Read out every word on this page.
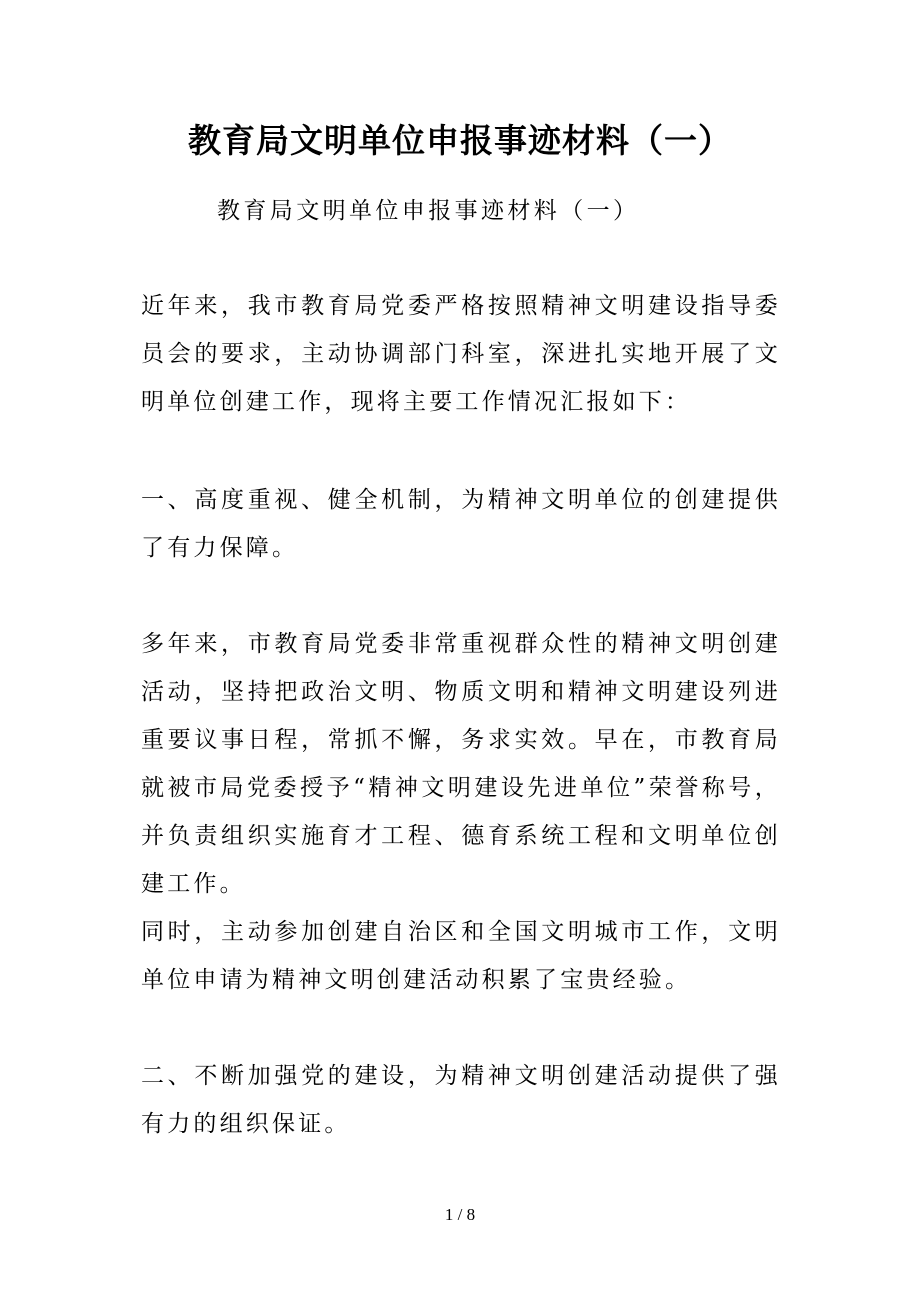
教育局文明单位申报事迹材料（一）
教育局文明单位申报事迹材料（一）

近年来，我市教育局党委严格按照精神文明建设指导委员会的要求，主动协调部门科室，深进扎实地开展了文明单位创建工作，现将主要工作情况汇报如下：

一、高度重视、健全机制，为精神文明单位的创建提供了有力保障。

多年来，市教育局党委非常重视群众性的精神文明创建活动，坚持把政治文明、物质文明和精神文明建设列进重要议事日程，常抓不懈，务求实效。早在，市教育局就被市局党委授予“精神文明建设先进单位”荣誉称号，并负责组织实施育才工程、德育系统工程和文明单位创建工作。

同时，主动参加创建自治区和全国文明城市工作，文明单位申请为精神文明创建活动积累了宝贵经验。

二、不断加强党的建设，为精神文明创建活动提供了强有力的组织保证。

1 / 8
